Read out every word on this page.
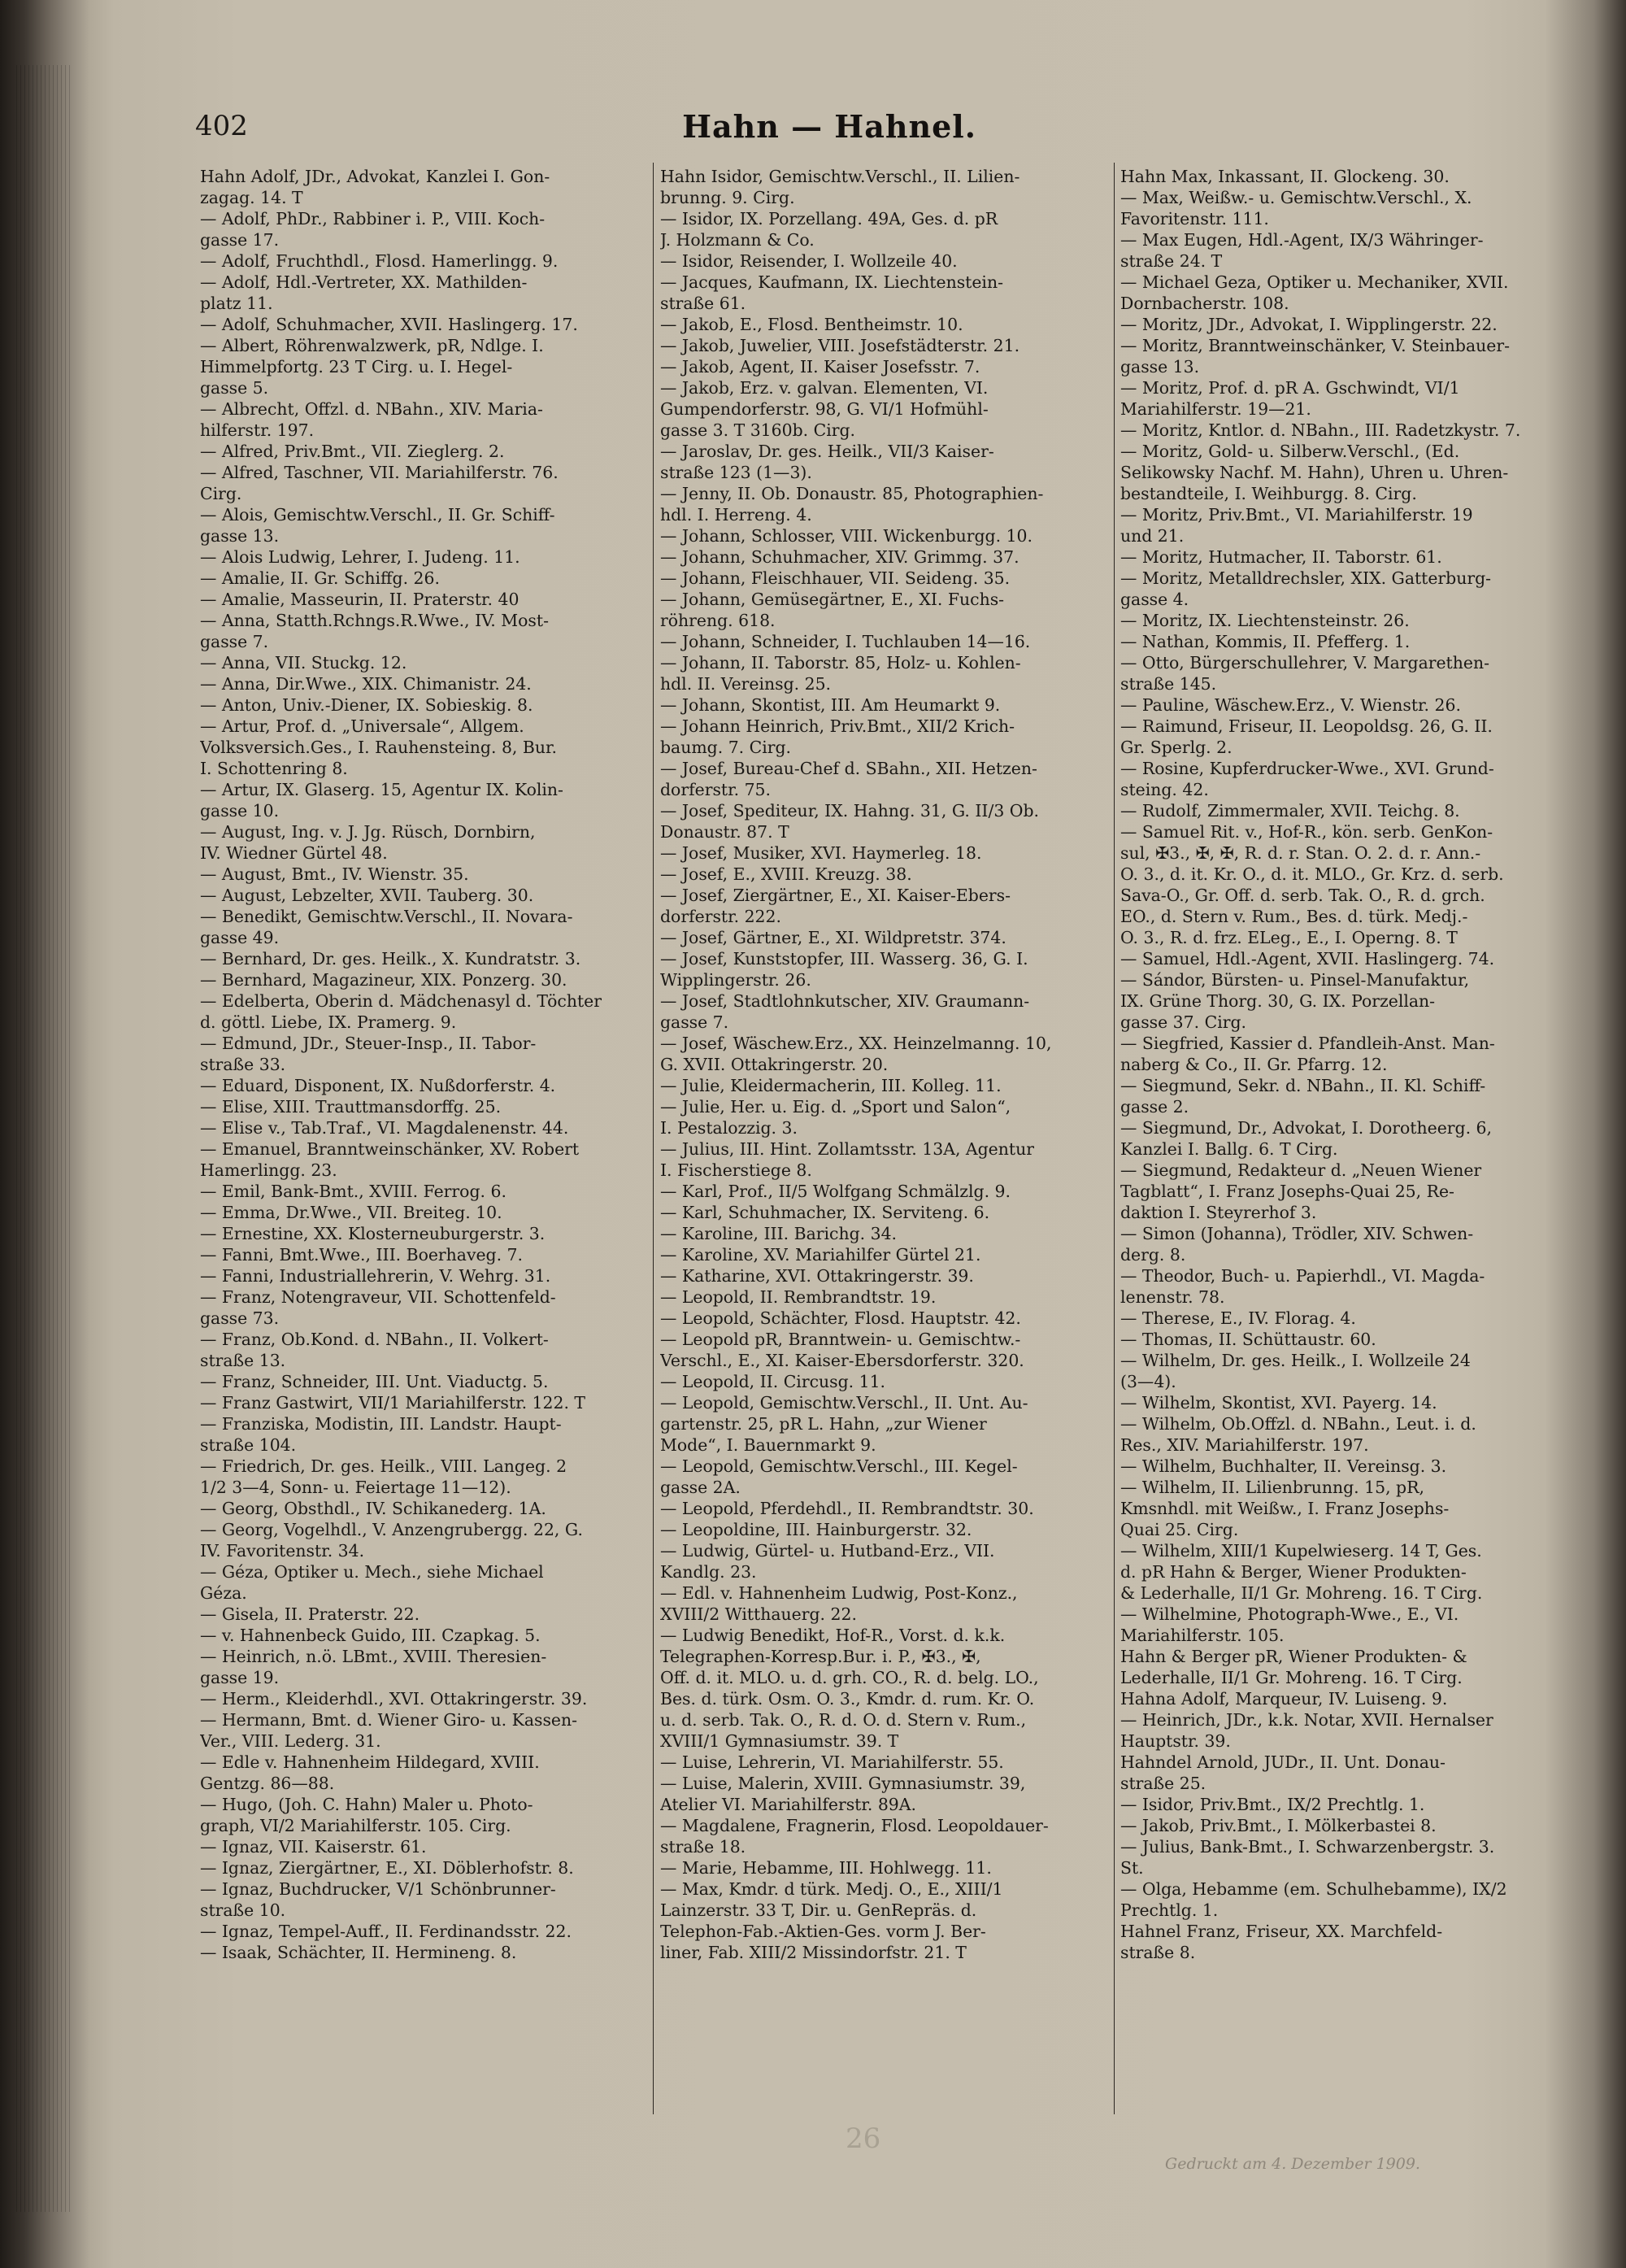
402	Hahn — Hahnel.

Hahn Adolf, JDr., Advokat, Kanzlei I. Gon-

zagag. 14. T

— Adolf, PhDr., Rabbiner i. P., VIII. Koch-

gasse 17.

— Adolf, Fruchthdl., Flosd. Hamerlingg. 9.

— Adolf, Hdl.-Vertreter, XX. Mathilden-

platz 11.

— Adolf, Schuhmacher, XVII. Haslingerg. 17.

— Albert, Röhrenwalzwerk, pR, Ndlge. I.

Himmelpfortg. 23 T Cirg. u. I. Hegel-

gasse 5.

— Albrecht, Offzl. d. NBahn., XIV. Maria-

hilferstr. 197.

— Alfred, Priv.Bmt., VII. Zieglerg. 2.

— Alfred, Taschner, VII. Mariahilferstr. 76.

Cirg.

— Alois, Gemischtw.Verschl., II. Gr. Schiff-

gasse 13.

— Alois Ludwig, Lehrer, I. Judeng. 11.

— Amalie, II. Gr. Schiffg. 26.

— Amalie, Masseurin, II. Praterstr. 40

— Anna, Statth.Rchngs.R.Wwe., IV. Most-

gasse 7.

— Anna, VII. Stuckg. 12.

— Anna, Dir.Wwe., XIX. Chimanistr. 24.

— Anton, Univ.-Diener, IX. Sobieskig. 8.

— Artur, Prof. d. „Universale“, Allgem.

Volksversich.Ges., I. Rauhensteing. 8, Bur.

I. Schottenring 8.

— Artur, IX. Glaserg. 15, Agentur IX. Kolin-

gasse 10.

— August, Ing. v. J. Jg. Rüsch, Dornbirn,

IV. Wiedner Gürtel 48.

— August, Bmt., IV. Wienstr. 35.

— August, Lebzelter, XVII. Tauberg. 30.

— Benedikt, Gemischtw.Verschl., II. Novara-

gasse 49.

— Bernhard, Dr. ges. Heilk., X. Kundratstr. 3.

— Bernhard, Magazineur, XIX. Ponzerg. 30.

— Edelberta, Oberin d. Mädchenasyl d. Töchter

d. göttl. Liebe, IX. Pramerg. 9.

— Edmund, JDr., Steuer-Insp., II. Tabor-

straße 33.

— Eduard, Disponent, IX. Nußdorferstr. 4.

— Elise, XIII. Trauttmansdorffg. 25.

— Elise v., Tab.Traf., VI. Magdalenenstr. 44.

— Emanuel, Branntweinschänker, XV. Robert

Hamerlingg. 23.

— Emil, Bank-Bmt., XVIII. Ferrog. 6.

— Emma, Dr.Wwe., VII. Breiteg. 10.

— Ernestine, XX. Klosterneuburgerstr. 3.

— Fanni, Bmt.Wwe., III. Boerhaveg. 7.

— Fanni, Industriallehrerin, V. Wehrg. 31.

— Franz, Notengraveur, VII. Schottenfeld-

gasse 73.

— Franz, Ob.Kond. d. NBahn., II. Volkert-

straße 13.

— Franz, Schneider, III. Unt. Viaductg. 5.

— Franz Gastwirt, VII/1 Mariahilferstr. 122. T

— Franziska, Modistin, III. Landstr. Haupt-

straße 104.

— Friedrich, Dr. ges. Heilk., VIII. Langeg. 2

1/2 3—4, Sonn- u. Feiertage 11—12).

— Georg, Obsthdl., IV. Schikanederg. 1A.

— Georg, Vogelhdl., V. Anzengrubergg. 22, G.

IV. Favoritenstr. 34.

— Géza, Optiker u. Mech., siehe Michael

Géza.

— Gisela, II. Praterstr. 22.

— v. Hahnenbeck Guido, III. Czapkag. 5.

— Heinrich, n.ö. LBmt., XVIII. Theresien-

gasse 19.

— Herm., Kleiderhdl., XVI. Ottakringerstr. 39.

— Hermann, Bmt. d. Wiener Giro- u. Kassen-

Ver., VIII. Lederg. 31.

— Edle v. Hahnenheim Hildegard, XVIII.

Gentzg. 86—88.

— Hugo, (Joh. C. Hahn) Maler u. Photo-

graph, VI/2 Mariahilferstr. 105. Cirg.

— Ignaz, VII. Kaiserstr. 61.

— Ignaz, Ziergärtner, E., XI. Döblerhofstr. 8.

— Ignaz, Buchdrucker, V/1 Schönbrunner-

straße 10.

— Ignaz, Tempel-Auff., II. Ferdinandsstr. 22.

— Isaak, Schächter, II. Hermineng. 8.

Hahn Isidor, Gemischtw.Verschl., II. Lilien-

brunng. 9. Cirg.

— Isidor, IX. Porzellang. 49A, Ges. d. pR

J. Holzmann & Co.

— Isidor, Reisender, I. Wollzeile 40.

— Jacques, Kaufmann, IX. Liechtenstein-

straße 61.

— Jakob, E., Flosd. Bentheimstr. 10.

— Jakob, Juwelier, VIII. Josefstädterstr. 21.

— Jakob, Agent, II. Kaiser Josefsstr. 7.

— Jakob, Erz. v. galvan. Elementen, VI.

Gumpendorferstr. 98, G. VI/1 Hofmühl-

gasse 3. T 3160b. Cirg.

— Jaroslav, Dr. ges. Heilk., VII/3 Kaiser-

straße 123 (1—3).

— Jenny, II. Ob. Donaustr. 85, Photographien-

hdl. I. Herreng. 4.

— Johann, Schlosser, VIII. Wickenburgg. 10.

— Johann, Schuhmacher, XIV. Grimmg. 37.

— Johann, Fleischhauer, VII. Seideng. 35.

— Johann, Gemüsegärtner, E., XI. Fuchs-

röhreng. 618.

— Johann, Schneider, I. Tuchlauben 14—16.

— Johann, II. Taborstr. 85, Holz- u. Kohlen-

hdl. II. Vereinsg. 25.

— Johann, Skontist, III. Am Heumarkt 9.

— Johann Heinrich, Priv.Bmt., XII/2 Krich-

baumg. 7. Cirg.

— Josef, Bureau-Chef d. SBahn., XII. Hetzen-

dorferstr. 75.

— Josef, Spediteur, IX. Hahng. 31, G. II/3 Ob.

Donaustr. 87. T

— Josef, Musiker, XVI. Haymerleg. 18.

— Josef, E., XVIII. Kreuzg. 38.

— Josef, Ziergärtner, E., XI. Kaiser-Ebers-

dorferstr. 222.

— Josef, Gärtner, E., XI. Wildpretstr. 374.

— Josef, Kunststopfer, III. Wasserg. 36, G. I.

Wipplingerstr. 26.

— Josef, Stadtlohnkutscher, XIV. Graumann-

gasse 7.

— Josef, Wäschew.Erz., XX. Heinzelmanng. 10,

G. XVII. Ottakringerstr. 20.

— Julie, Kleidermacherin, III. Kolleg. 11.

— Julie, Her. u. Eig. d. „Sport und Salon“,

I. Pestalozzig. 3.

— Julius, III. Hint. Zollamtsstr. 13A, Agentur

I. Fischerstiege 8.

— Karl, Prof., II/5 Wolfgang Schmälzlg. 9.

— Karl, Schuhmacher, IX. Serviteng. 6.

— Karoline, III. Barichg. 34.

— Karoline, XV. Mariahilfer Gürtel 21.

— Katharine, XVI. Ottakringerstr. 39.

— Leopold, II. Rembrandtstr. 19.

— Leopold, Schächter, Flosd. Hauptstr. 42.

— Leopold pR, Branntwein- u. Gemischtw.-

Verschl., E., XI. Kaiser-Ebersdorferstr. 320.

— Leopold, II. Circusg. 11.

— Leopold, Gemischtw.Verschl., II. Unt. Au-

gartenstr. 25, pR L. Hahn, „zur Wiener

Mode“, I. Bauernmarkt 9.

— Leopold, Gemischtw.Verschl., III. Kegel-

gasse 2A.

— Leopold, Pferdehdl., II. Rembrandtstr. 30.

— Leopoldine, III. Hainburgerstr. 32.

— Ludwig, Gürtel- u. Hutband-Erz., VII.

Kandlg. 23.

— Edl. v. Hahnenheim Ludwig, Post-Konz.,

XVIII/2 Witthauerg. 22.

— Ludwig Benedikt, Hof-R., Vorst. d. k.k.

Telegraphen-Korresp.Bur. i. P., ✠3., ✠,

Off. d. it. MLO. u. d. grh. CO., R. d. belg. LO.,

Bes. d. türk. Osm. O. 3., Kmdr. d. rum. Kr. O.

u. d. serb. Tak. O., R. d. O. d. Stern v. Rum.,

XVIII/1 Gymnasiumstr. 39. T

— Luise, Lehrerin, VI. Mariahilferstr. 55.

— Luise, Malerin, XVIII. Gymnasiumstr. 39,

Atelier VI. Mariahilferstr. 89A.

— Magdalene, Fragnerin, Flosd. Leopoldauer-

straße 18.

— Marie, Hebamme, III. Hohlwegg. 11.

— Max, Kmdr. d türk. Medj. O., E., XIII/1

Lainzerstr. 33 T, Dir. u. GenRepräs. d.

Telephon-Fab.-Aktien-Ges. vorm J. Ber-

liner, Fab. XIII/2 Missindorfstr. 21. T

Hahn Max, Inkassant, II. Glockeng. 30.

— Max, Weißw.- u. Gemischtw.Verschl., X.

Favoritenstr. 111.

— Max Eugen, Hdl.-Agent, IX/3 Währinger-

straße 24. T

— Michael Geza, Optiker u. Mechaniker, XVII.

Dornbacherstr. 108.

— Moritz, JDr., Advokat, I. Wipplingerstr. 22.

— Moritz, Branntweinschänker, V. Steinbauer-

gasse 13.

— Moritz, Prof. d. pR A. Gschwindt, VI/1

Mariahilferstr. 19—21.

— Moritz, Kntlor. d. NBahn., III. Radetzkystr. 7.

— Moritz, Gold- u. Silberw.Verschl., (Ed.

Selikowsky Nachf. M. Hahn), Uhren u. Uhren-

bestandteile, I. Weihburgg. 8. Cirg.

— Moritz, Priv.Bmt., VI. Mariahilferstr. 19

und 21.

— Moritz, Hutmacher, II. Taborstr. 61.

— Moritz, Metalldrechsler, XIX. Gatterburg-

gasse 4.

— Moritz, IX. Liechtensteinstr. 26.

— Nathan, Kommis, II. Pfefferg. 1.

— Otto, Bürgerschullehrer, V. Margarethen-

straße 145.

— Pauline, Wäschew.Erz., V. Wienstr. 26.

— Raimund, Friseur, II. Leopoldsg. 26, G. II.

Gr. Sperlg. 2.

— Rosine, Kupferdrucker-Wwe., XVI. Grund-

steing. 42.

— Rudolf, Zimmermaler, XVII. Teichg. 8.

— Samuel Rit. v., Hof-R., kön. serb. GenKon-

sul, ✠3., ✠, ✠, R. d. r. Stan. O. 2. d. r. Ann.-

O. 3., d. it. Kr. O., d. it. MLO., Gr. Krz. d. serb.

Sava-O., Gr. Off. d. serb. Tak. O., R. d. grch.

EO., d. Stern v. Rum., Bes. d. türk. Medj.-

O. 3., R. d. frz. ELeg., E., I. Operng. 8. T

— Samuel, Hdl.-Agent, XVII. Haslingerg. 74.

— Sándor, Bürsten- u. Pinsel-Manufaktur,

IX. Grüne Thorg. 30, G. IX. Porzellan-

gasse 37. Cirg.

— Siegfried, Kassier d. Pfandleih-Anst. Man-

naberg & Co., II. Gr. Pfarrg. 12.

— Siegmund, Sekr. d. NBahn., II. Kl. Schiff-

gasse 2.

— Siegmund, Dr., Advokat, I. Dorotheerg. 6,

Kanzlei I. Ballg. 6. T Cirg.

— Siegmund, Redakteur d. „Neuen Wiener

Tagblatt“, I. Franz Josephs-Quai 25, Re-

daktion I. Steyrerhof 3.

— Simon (Johanna), Trödler, XIV. Schwen-

derg. 8.

— Theodor, Buch- u. Papierhdl., VI. Magda-

lenenstr. 78.

— Therese, E., IV. Florag. 4.

— Thomas, II. Schüttaustr. 60.

— Wilhelm, Dr. ges. Heilk., I. Wollzeile 24

(3—4).

— Wilhelm, Skontist, XVI. Payerg. 14.

— Wilhelm, Ob.Offzl. d. NBahn., Leut. i. d.

Res., XIV. Mariahilferstr. 197.

— Wilhelm, Buchhalter, II. Vereinsg. 3.

— Wilhelm, II. Lilienbrunng. 15, pR,

Kmsnhdl. mit Weißw., I. Franz Josephs-

Quai 25. Cirg.

— Wilhelm, XIII/1 Kupelwieserg. 14 T, Ges.

d. pR Hahn & Berger, Wiener Produkten-

& Lederhalle, II/1 Gr. Mohreng. 16. T Cirg.

— Wilhelmine, Photograph-Wwe., E., VI.

Mariahilferstr. 105.

Hahn & Berger pR, Wiener Produkten- &

Lederhalle, II/1 Gr. Mohreng. 16. T Cirg.

Hahna Adolf, Marqueur, IV. Luiseng. 9.

— Heinrich, JDr., k.k. Notar, XVII. Hernalser

Hauptstr. 39.

Hahndel Arnold, JUDr., II. Unt. Donau-

straße 25.

— Isidor, Priv.Bmt., IX/2 Prechtlg. 1.

— Jakob, Priv.Bmt., I. Mölkerbastei 8.

— Julius, Bank-Bmt., I. Schwarzenbergstr. 3.

St.

— Olga, Hebamme (em. Schulhebamme), IX/2

Prechtlg. 1.

Hahnel Franz, Friseur, XX. Marchfeld-

straße 8.

26
Gedruckt am 4. Dezember 1909.
